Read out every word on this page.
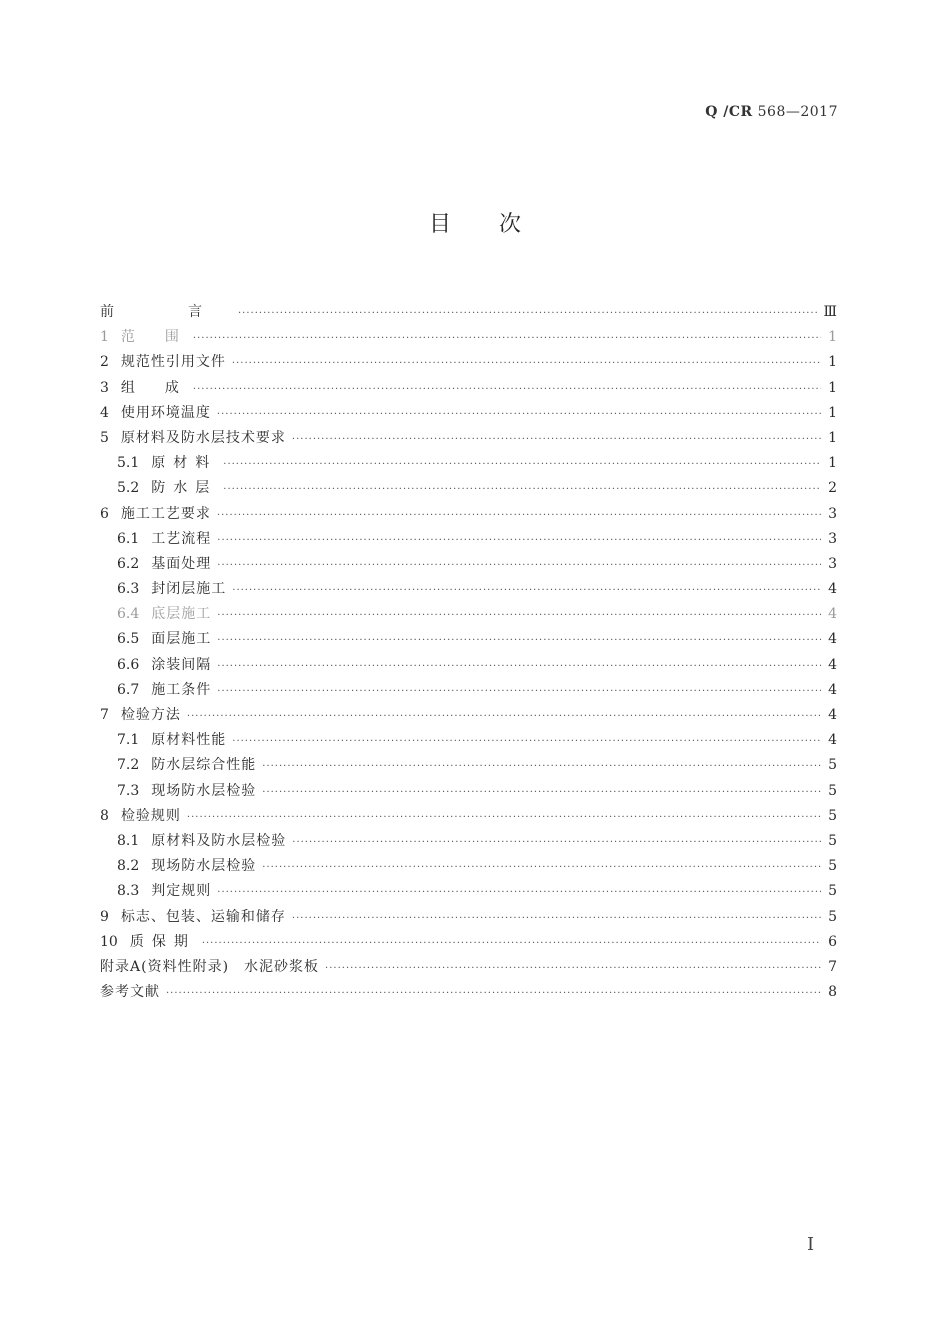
Q /CR 568—2017
目次
前　言 ·····	Ⅲ
1 范　围 ·····	1
2 规范性引用文件 ·····	1
3 组　成 ·····	1
4 使用环境温度 ·····	1
5 原材料及防水层技术要求 ·····	1
5.1 原材料 ·····	1
5.2 防水层 ·····	2
6 施工工艺要求 ·····	3
6.1 工艺流程 ·····	3
6.2 基面处理 ·····	3
6.3 封闭层施工 ·····	4
6.4 底层施工 ·····	4
6.5 面层施工 ·····	4
6.6 涂装间隔 ·····	4
6.7 施工条件 ·····	4
7 检验方法 ·····	4
7.1 原材料性能 ·····	4
7.2 防水层综合性能 ·····	5
7.3 现场防水层检验 ·····	5
8 检验规则 ·····	5
8.1 原材料及防水层检验 ·····	5
8.2 现场防水层检验 ·····	5
8.3 判定规则 ·····	5
9 标志、包装、运输和储存 ·····	5
10 质保期 ·····	6
附录A(资料性附录)　水泥砂浆板 ·····	7
参考文献 ·····	8
I
